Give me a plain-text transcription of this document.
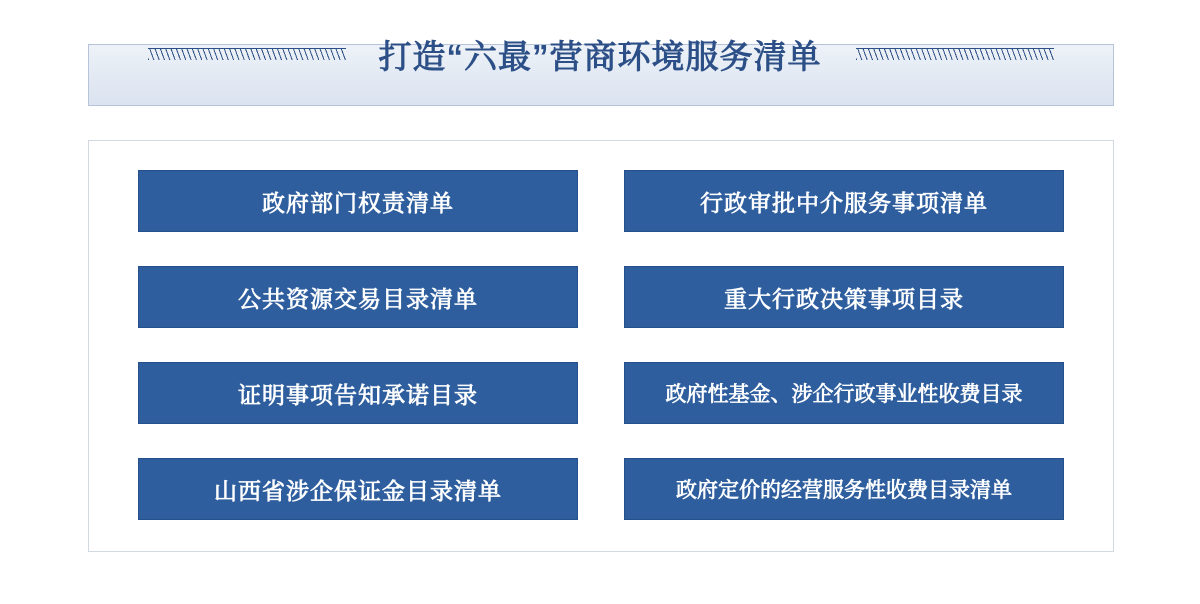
打造“六最”营商环境服务清单
政府部门权责清单	行政审批中介服务事项清单
公共资源交易目录清单	重大行政决策事项目录
证明事项告知承诺目录	政府性基金、涉企行政事业性收费目录
山西省涉企保证金目录清单	政府定价的经营服务性收费目录清单
